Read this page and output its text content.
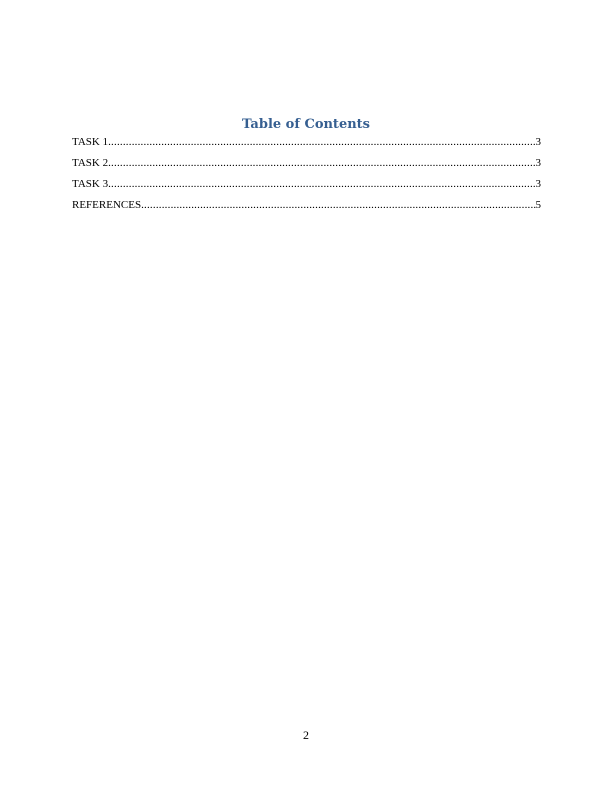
Table of Contents
TASK 1 .....	3
TASK 2 .....	3
TASK 3 .....	3
REFERENCES .....	5
2
